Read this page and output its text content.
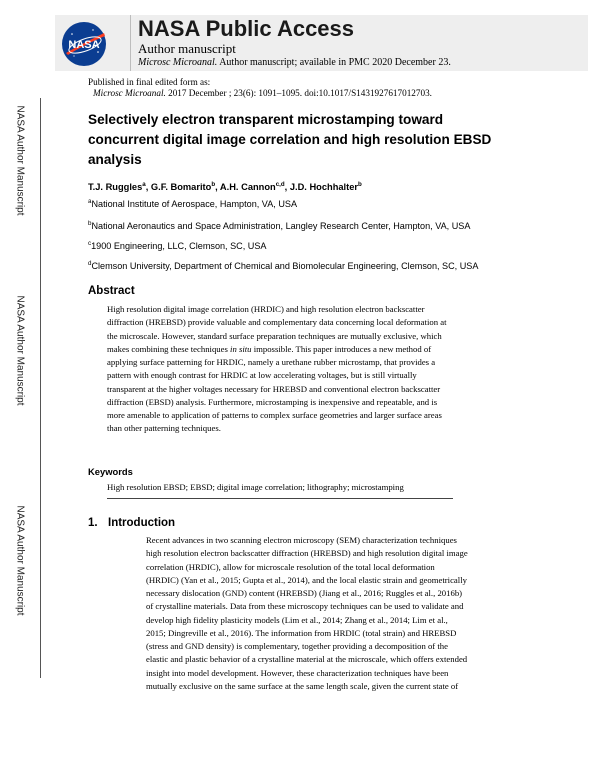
NASA
NASA Public Access
Author manuscript
Microsc Microanal. Author manuscript; available in PMC 2020 December 23.
Published in final edited form as:
Microsc Microanal. 2017 December ; 23(6): 1091–1095. doi:10.1017/S1431927617012703.
NASA Author Manuscript
NASA Author Manuscript
NASA Author Manuscript
Selectively electron transparent microstamping toward
concurrent digital image correlation and high resolution EBSD
analysis
T.J. Ruggles$^a$, G.F. Bomarito$^b$, A.H. Cannon$^{c,d}$, J.D. Hochhalter$^b$
$^a$National Institute of Aerospace, Hampton, VA, USA
$^b$National Aeronautics and Space Administration, Langley Research Center, Hampton, VA, USA
$^c$1900 Engineering, LLC, Clemson, SC, USA
$^d$Clemson University, Department of Chemical and Biomolecular Engineering, Clemson, SC, USA
Abstract
High resolution digital image correlation (HRDIC) and high resolution electron backscatter
diffraction (HREBSD) provide valuable and complementary data concerning local deformation at
the microscale. However, standard surface preparation techniques are mutually exclusive, which
makes combining these techniques in situ impossible. This paper introduces a new method of
applying surface patterning for HRDIC, namely a urethane rubber microstamp, that provides a
pattern with enough contrast for HRDIC at low accelerating voltages, but is still virtually
transparent at the higher voltages necessary for HREBSD and conventional electron backscatter
diffraction (EBSD) analysis. Furthermore, microstamping is inexpensive and repeatable, and is
more amenable to application of patterns to complex surface geometries and larger surface areas
than other patterning techniques.
Keywords
High resolution EBSD; EBSD; digital image correlation; lithography; microstamping
1. Introduction
Recent advances in two scanning electron microscopy (SEM) characterization techniques
high resolution electron backscatter diffraction (HREBSD) and high resolution digital image
correlation (HRDIC), allow for microscale resolution of the total local deformation
(HRDIC) (Yan et al., 2015; Gupta et al., 2014), and the local elastic strain and geometrically
necessary dislocation (GND) content (HREBSD) (Jiang et al., 2016; Ruggles et al., 2016b)
of crystalline materials. Data from these microscopy techniques can be used to validate and
develop high fidelity plasticity models (Lim et al., 2014; Zhang et al., 2014; Lim et al.,
2015; Dingreville et al., 2016). The information from HRDIC (total strain) and HREBSD
(stress and GND density) is complementary, together providing a decomposition of the
elastic and plastic behavior of a crystalline material at the microscale, which offers extended
insight into model development. However, these characterization techniques have been
mutually exclusive on the same surface at the same length scale, given the current state of
